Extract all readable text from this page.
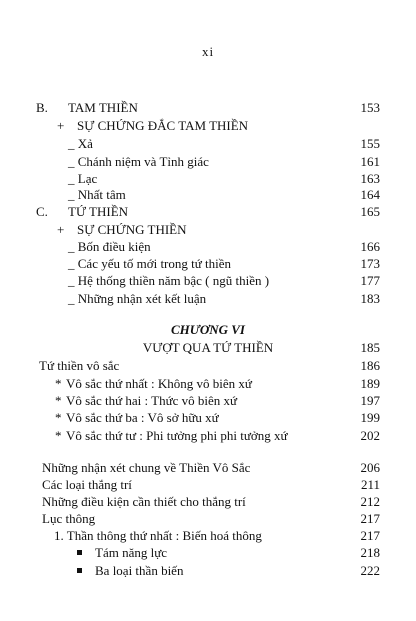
xi
B. TAM THIỀN	153
+ SỰ CHỨNG ĐẮC TAM THIỀN
_ Xả	155
_ Chánh niệm và Tỉnh giác	161
_ Lạc	163
_ Nhất tâm	164
C. TỨ THIỀN	165
+ SỰ CHỨNG THIỀN
_ Bốn điều kiện	166
_ Các yếu tố mới trong tứ thiền	173
_ Hệ thống thiền năm bậc ( ngũ thiền )	177
_ Những nhận xét kết luận	183
CHƯƠNG VI
VƯỢT QUA TỨ THIỀN	185
Tứ thiền vô sắc	186
* Vô sắc thứ nhất : Không vô biên xứ	189
* Vô sắc thứ hai : Thức vô biên xứ	197
* Vô sắc thứ ba : Vô sở hữu xứ	199
* Vô sắc thứ tư : Phi tưởng phi phi tưởng xứ	202
Những nhận xét chung về Thiền Vô Sắc	206
Các loại thắng trí	211
Những điều kiện cần thiết cho thắng trí	212
Lục thông	217
1. Thần thông thứ nhất : Biến hoá thông	217
Tám năng lực	218
Ba loại thần biến	222
